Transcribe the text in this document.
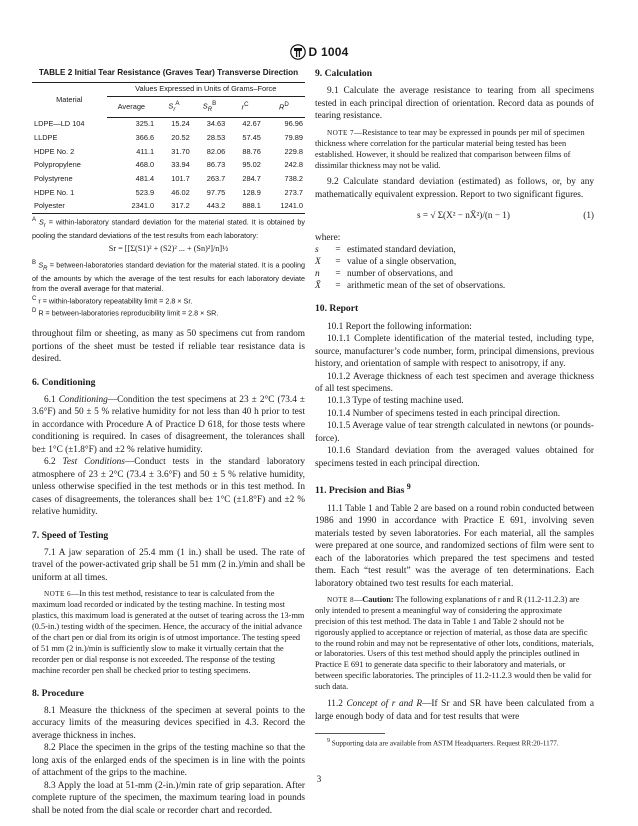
D 1004
TABLE 2 Initial Tear Resistance (Graves Tear) Transverse Direction
Material	Values Expressed in Units of Grams–Force				
	Average	$S_r^A$	$S_R^B$	$r^C$	$R^D$
LDPE—LD 104	325.1	15.24	34.63	42.67	96.96
LLDPE	366.6	20.52	28.53	57.45	79.89
HDPE No. 2	411.1	31.70	82.06	88.76	229.8
Polypropylene	468.0	33.94	86.73	95.02	242.8
Polystyrene	481.4	101.7	263.7	284.7	738.2
HDPE No. 1	523.9	46.02	97.75	128.9	273.7
Polyester	2341.0	317.2	443.2	888.1	1241.0
$^A$ $S_r$ = within-laboratory standard deviation for the material stated. It is obtained by pooling the standard deviations of the test results from each laboratory:
Sr = [[Σ(S1)² + (S2)² ... + (Sn)²]/n]½
$^B$ $S_R$ = between-laboratories standard deviation for the material stated. It is a pooling of the amounts by which the average of the test results for each laboratory deviate from the overall average for that material.
$^C$ r = within-laboratory repeatability limit = 2.8 × Sr.
$^D$ R = between-laboratories reproducibility limit = 2.8 × SR.

throughout film or sheeting, as many as 50 specimens cut from random portions of the sheet must be tested if reliable tear resistance data is desired.

6. Conditioning

6.1 Conditioning—Condition the test specimens at 23 ± 2°C (73.4 ± 3.6°F) and 50 ± 5 % relative humidity for not less than 40 h prior to test in accordance with Procedure A of Practice D 618, for those tests where conditioning is required. In cases of disagreement, the tolerances shall be± 1°C (±1.8°F) and ±2 % relative humidity.

6.2 Test Conditions—Conduct tests in the standard laboratory atmosphere of 23 ± 2°C (73.4 ± 3.6°F) and 50 ± 5 % relative humidity, unless otherwise specified in the test methods or in this test method. In cases of disagreements, the tolerances shall be± 1°C (±1.8°F) and ±2 % relative humidity.

7. Speed of Testing

7.1 A jaw separation of 25.4 mm (1 in.) shall be used. The rate of travel of the power-activated grip shall be 51 mm (2 in.)/min and shall be uniform at all times.

NOTE 6—In this test method, resistance to tear is calculated from the maximum load recorded or indicated by the testing machine. In testing most plastics, this maximum load is generated at the outset of tearing across the 13-mm (0.5-in.) testing width of the specimen. Hence, the accuracy of the initial advance of the chart pen or dial from its origin is of utmost importance. The testing speed of 51 mm (2 in.)/min is sufficiently slow to make it virtually certain that the recorder pen or dial response is not exceeded. The response of the testing machine recorder pen shall be checked prior to testing specimens.
8. Procedure

8.1 Measure the thickness of the specimen at several points to the accuracy limits of the measuring devices specified in 4.3. Record the average thickness in inches.

8.2 Place the specimen in the grips of the testing machine so that the long axis of the enlarged ends of the specimen is in line with the points of attachment of the grips to the machine.

8.3 Apply the load at 51-mm (2-in.)/min rate of grip separation. After complete rupture of the specimen, the maximum tearing load in pounds shall be noted from the dial scale or recorder chart and recorded.

9. Calculation

9.1 Calculate the average resistance to tearing from all specimens tested in each principal direction of orientation. Record data as pounds of tearing resistance.

NOTE 7—Resistance to tear may be expressed in pounds per mil of specimen thickness where correlation for the particular material being tested has been established. However, it should be realized that comparison between films of dissimilar thickness may not be valid.

9.2 Calculate standard deviation (estimated) as follows, or, by any mathematically equivalent expression. Report to two significant figures.

s = √ Σ(X² − nX̄²)/(n − 1)	(1)
where:
s	= estimated standard deviation,
X	= value of a single observation,
n	= number of observations, and
X̄	= arithmetic mean of the set of observations.
10. Report

10.1 Report the following information:

10.1.1 Complete identification of the material tested, including type, source, manufacturer’s code number, form, principal dimensions, previous history, and orientation of sample with respect to anisotropy, if any.

10.1.2 Average thickness of each test specimen and average thickness of all test specimens.

10.1.3 Type of testing machine used.

10.1.4 Number of specimens tested in each principal direction.

10.1.5 Average value of tear strength calculated in newtons (or pounds-force).

10.1.6 Standard deviation from the averaged values obtained for specimens tested in each principal direction.

11. Precision and Bias $^9$

11.1 Table 1 and Table 2 are based on a round robin conducted between 1986 and 1990 in accordance with Practice E 691, involving seven materials tested by seven laboratories. For each material, all the samples were prepared at one source, and randomized sections of film were sent to each of the laboratories which prepared the test specimens and tested them. Each “test result” was the average of ten determinations. Each laboratory obtained two test results for each material.

NOTE 8—Caution: The following explanations of r and R (11.2-11.2.3) are only intended to present a meaningful way of considering the approximate precision of this test method. The data in Table 1 and Table 2 should not be rigorously applied to acceptance or rejection of material, as those data are specific to the round robin and may not be representative of other lots, conditions, materials, or laboratories. Users of this test method should apply the principles outlined in Practice E 691 to generate data specific to their laboratory and materials, or between specific laboratories. The principles of 11.2-11.2.3 would then be valid for such data.

11.2 Concept of r and R—If Sr and SR have been calculated from a large enough body of data and for test results that were

$^9$ Supporting data are available from ASTM Headquarters. Request RR:20-1177.
3
